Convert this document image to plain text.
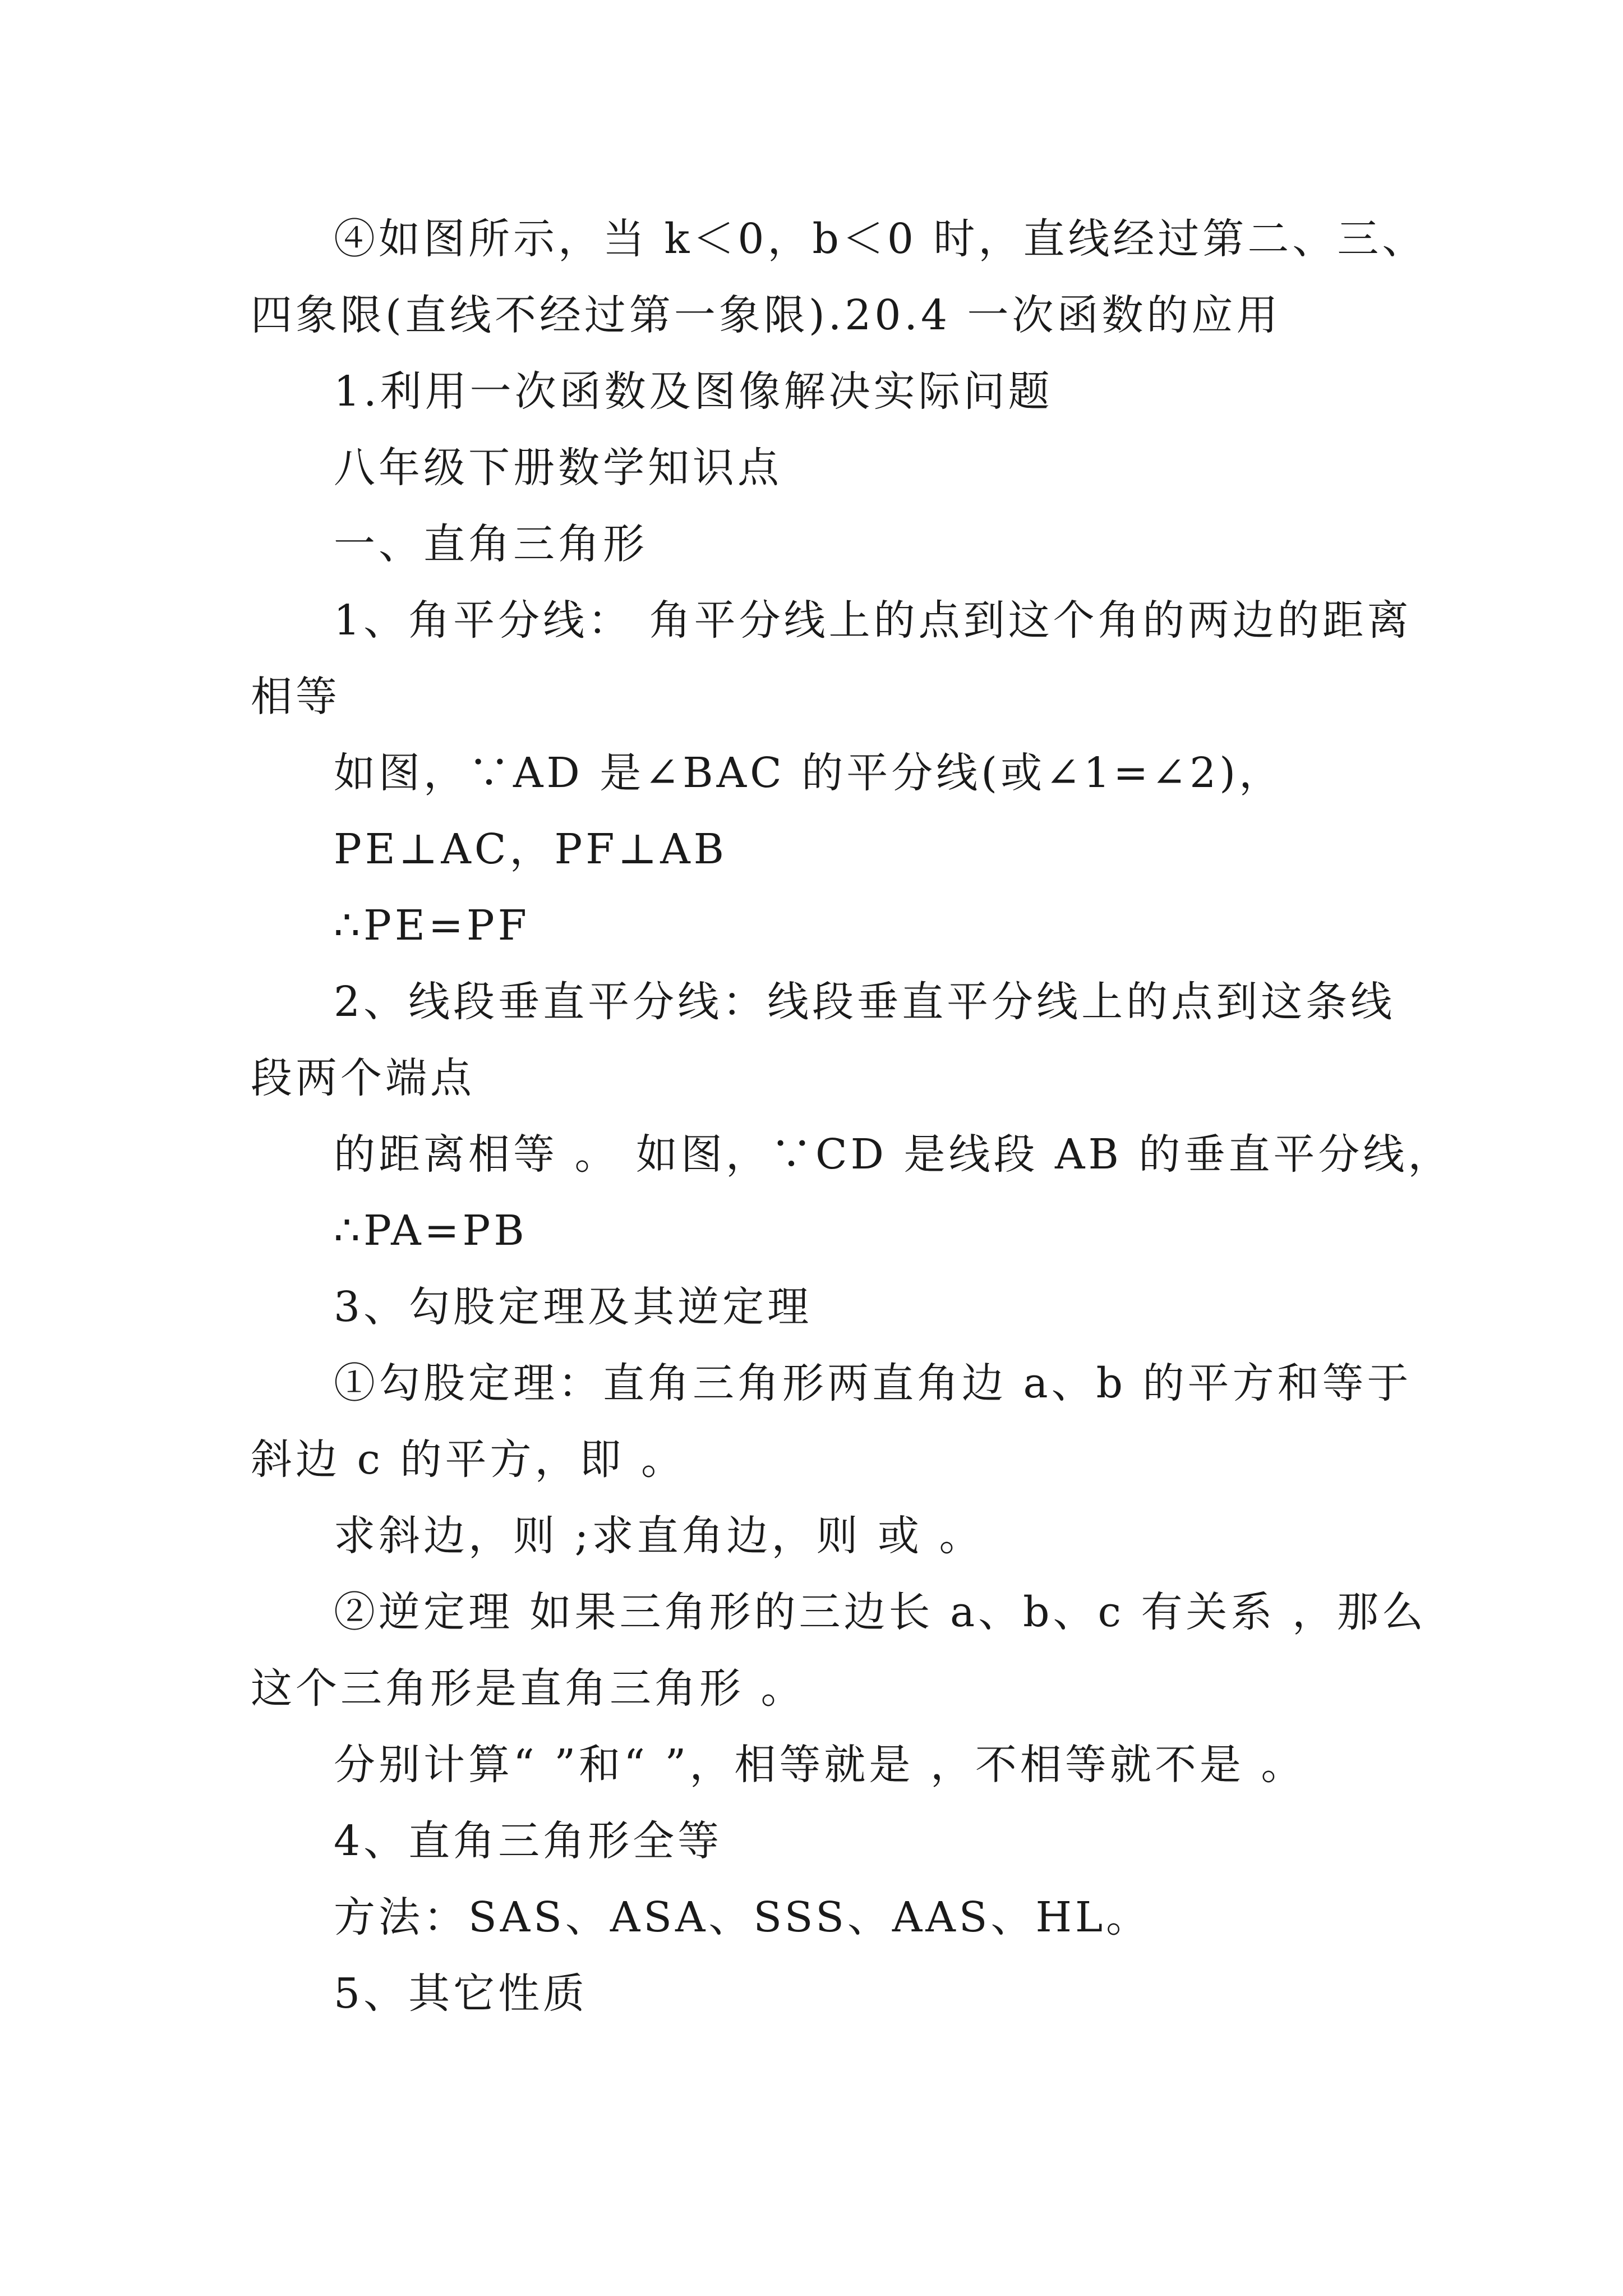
④如图所示，当 k＜0，b＜0 时，直线经过第二、三、
四象限(直线不经过第一象限).20.4 一次函数的应用
1.利用一次函数及图像解决实际问题
八年级下册数学知识点
一、直角三角形
1、角平分线： 角平分线上的点到这个角的两边的距离
相等
如图，∵AD 是∠BAC 的平分线(或∠1=∠2)，
PE⊥AC，PF⊥AB
∴PE=PF
2、线段垂直平分线：线段垂直平分线上的点到这条线
段两个端点
的距离相等 。 如图，∵CD 是线段 AB 的垂直平分线，
∴PA=PB
3、勾股定理及其逆定理
①勾股定理：直角三角形两直角边 a、b 的平方和等于
斜边 c 的平方，即 。
求斜边，则 ;求直角边，则 或 。
②逆定理 如果三角形的三边长 a、b、c 有关系 ，那么
这个三角形是直角三角形 。
分别计算“ ”和“ ”，相等就是 ，不相等就不是 。
4、直角三角形全等
方法：SAS、ASA、SSS、AAS、HL。
5、其它性质
